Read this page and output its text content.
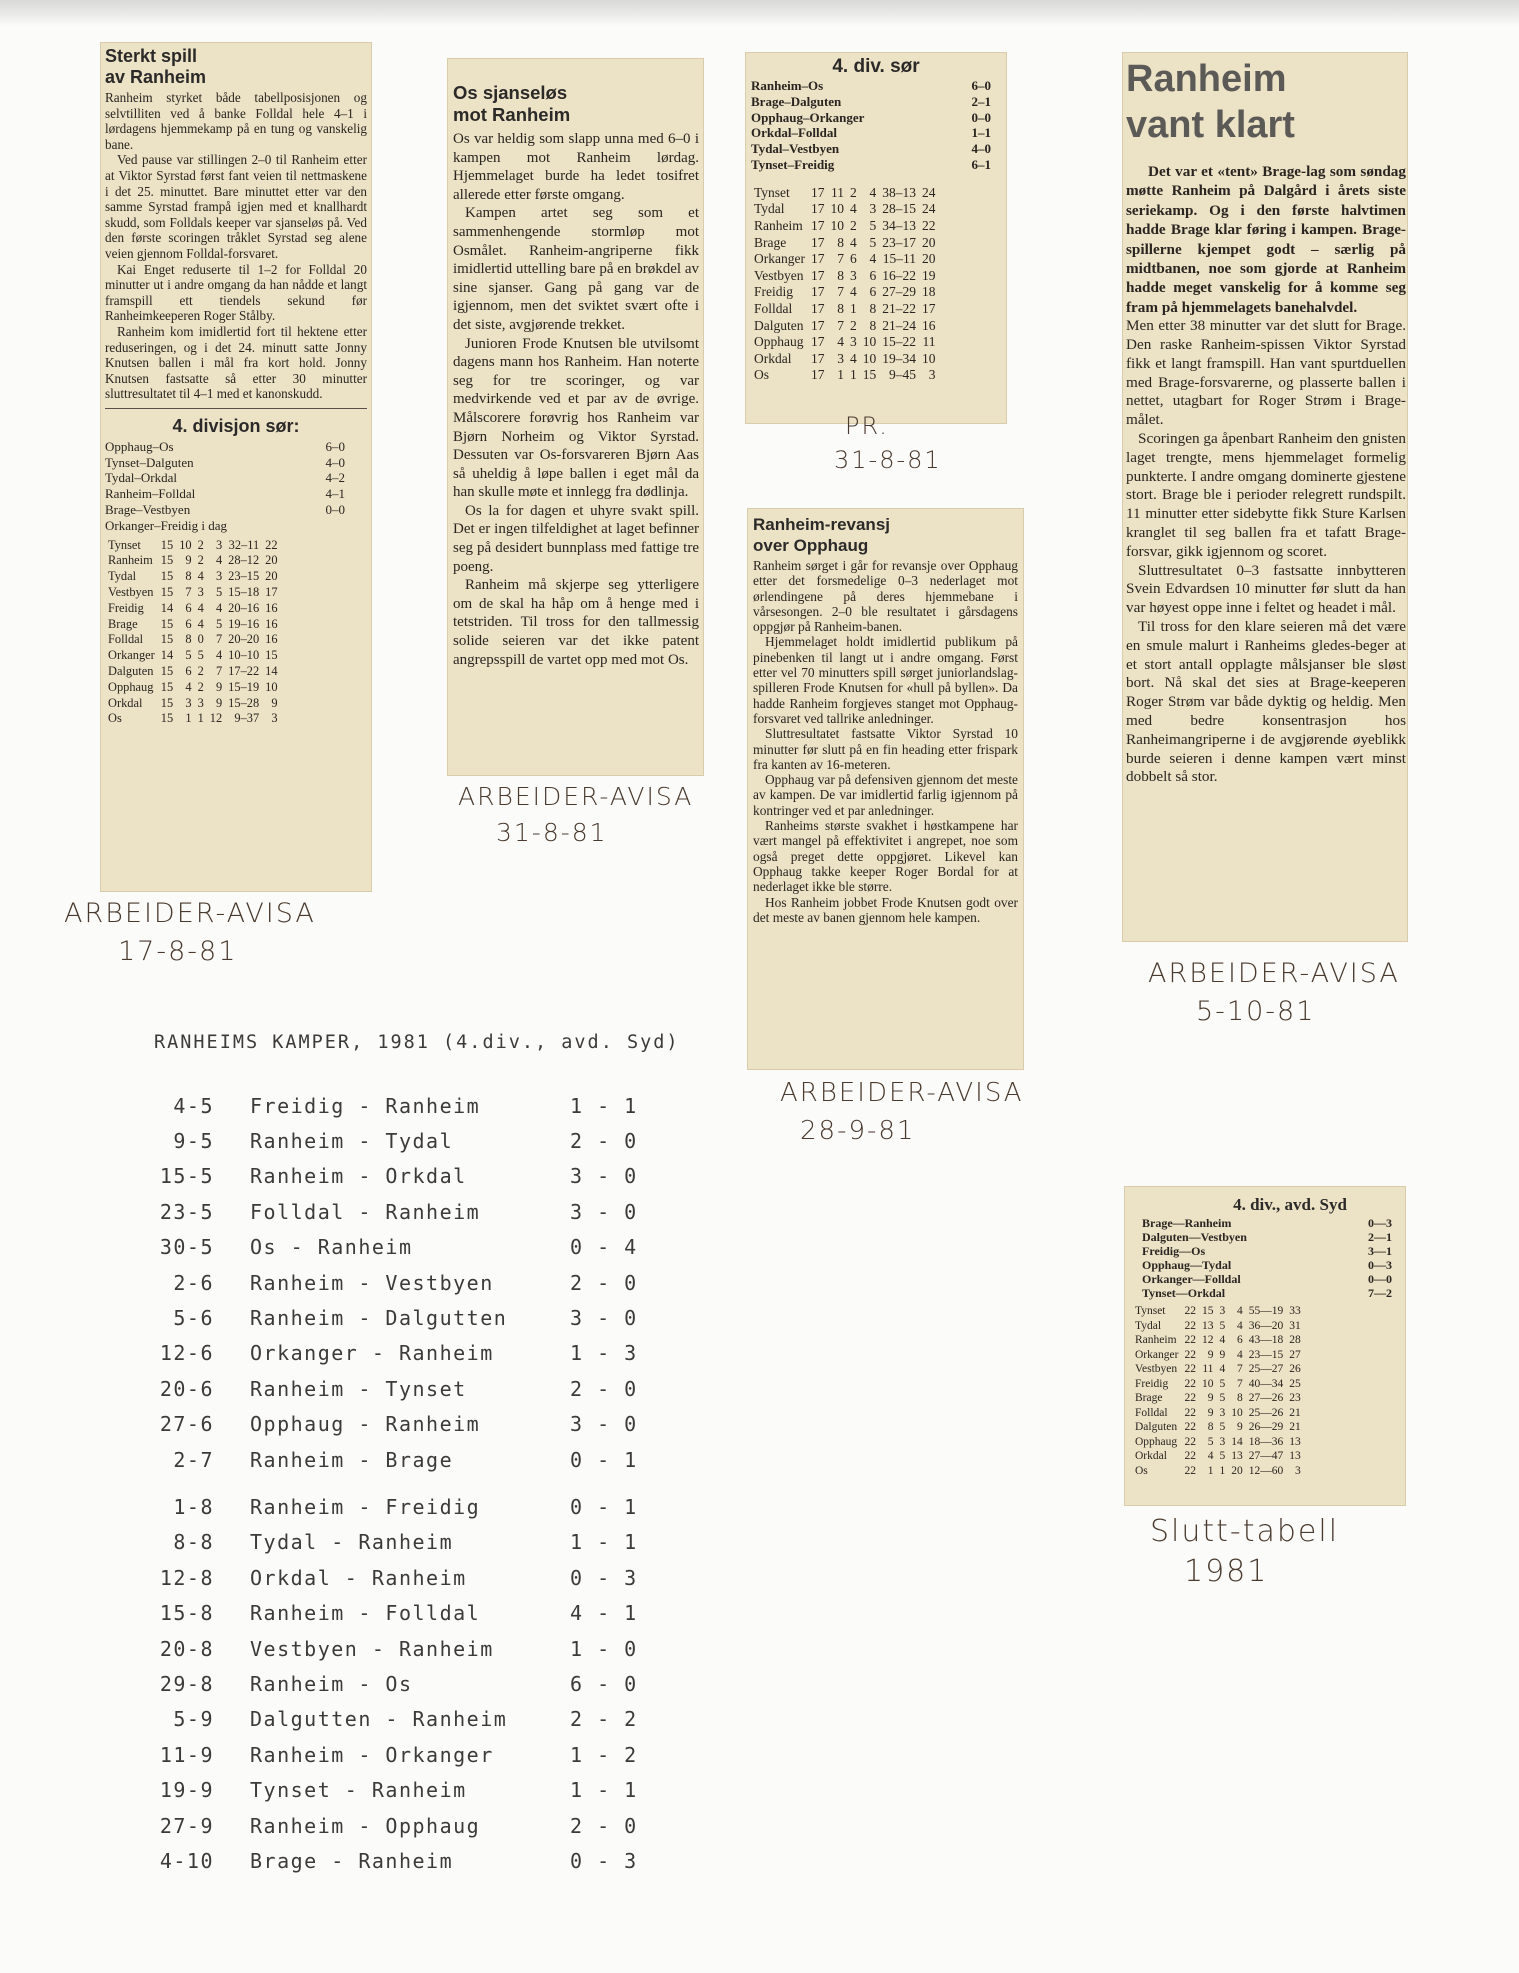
Sterkt spill
av Ranheim

Ranheim styrket både tabellposisjonen og selvtilliten ved å banke Folldal hele 4–1 i lørdagens hjemmekamp på en tung og vanskelig bane.

Ved pause var stillingen 2–0 til Ranheim etter at Viktor Syrstad først fant veien til nettmaskene i det 25. minuttet. Bare minuttet etter var den samme Syrstad frampå igjen med et knallhardt skudd, som Folldals keeper var sjanseløs på. Ved den første scoringen tråklet Syrstad seg alene veien gjennom Folldal-forsvaret.

Kai Enget reduserte til 1–2 for Folldal 20 minutter ut i andre omgang da han nådde et langt framspill ett tiendels sekund før Ranheimkeeperen Roger Stålby.

Ranheim kom imidlertid fort til hektene etter reduseringen, og i det 24. minutt satte Jonny Knutsen ballen i mål fra kort hold. Jonny Knutsen fastsatte så etter 30 minutter sluttresultatet til 4–1 med et kanonskudd.

4. divisjon sør:
Opphaug–Os	6–0
Tynset–Dalguten	4–0
Tydal–Orkdal	4–2
Ranheim–Folldal	4–1
Brage–Vestbyen	0–0
Orkanger–Freidig i dag	
Tynset	15	10	2	3	32–11	22
Ranheim	15	9	2	4	28–12	20
Tydal	15	8	4	3	23–15	20
Vestbyen	15	7	3	5	15–18	17
Freidig	14	6	4	4	20–16	16
Brage	15	6	4	5	19–16	16
Folldal	15	8	0	7	20–20	16
Orkanger	14	5	5	4	10–10	15
Dalguten	15	6	2	7	17–22	14
Opphaug	15	4	2	9	15–19	10
Orkdal	15	3	3	9	15–28	9
Os	15	1	1	12	9–37	3
ARBEIDER-AVISA
17-8-81
Os sjanseløs
mot Ranheim

Os var heldig som slapp unna med 6–0 i kampen mot Ranheim lørdag. Hjemmelaget burde ha ledet tosifret allerede etter første omgang.

Kampen artet seg som et sammenhengende stormløp mot Osmålet. Ranheim-angriperne fikk imidlertid uttelling bare på en brøkdel av sine sjanser. Gang på gang var de igjennom, men det sviktet svært ofte i det siste, avgjørende trekket.

Junioren Frode Knutsen ble utvilsomt dagens mann hos Ranheim. Han noterte seg for tre scoringer, og var medvirkende ved et par av de øvrige. Målscorere forøvrig hos Ranheim var Bjørn Norheim og Viktor Syrstad. Dessuten var Os-forsvareren Bjørn Aas så uheldig å løpe ballen i eget mål da han skulle møte et innlegg fra dødlinja.

Os la for dagen et uhyre svakt spill. Det er ingen tilfeldighet at laget befinner seg på desidert bunnplass med fattige tre poeng.

Ranheim må skjerpe seg ytterligere om de skal ha håp om å henge med i tetstriden. Til tross for den tallmessig solide seieren var det ikke patent angrepsspill de vartet opp med mot Os.

ARBEIDER-AVISA
31-8-81
4. div. sør
Ranheim–Os	6–0
Brage–Dalguten	2–1
Opphaug–Orkanger	0–0
Orkdal–Folldal	1–1
Tydal–Vestbyen	4–0
Tynset–Freidig	6–1
Tynset	17	11	2	4	38–13	24
Tydal	17	10	4	3	28–15	24
Ranheim	17	10	2	5	34–13	22
Brage	17	8	4	5	23–17	20
Orkanger	17	7	6	4	15–11	20
Vestbyen	17	8	3	6	16–22	19
Freidig	17	7	4	6	27–29	18
Folldal	17	8	1	8	21–22	17
Dalguten	17	7	2	8	21–24	16
Opphaug	17	4	3	10	15–22	11
Orkdal	17	3	4	10	19–34	10
Os	17	1	1	15	9–45	3
PR.
31-8-81
Ranheim-revansj
over Opphaug

Ranheim sørget i går for revansje over Opphaug etter det forsmedelige 0–3 nederlaget mot ørlendingene på deres hjemmebane i vårsesongen. 2–0 ble resultatet i gårsdagens oppgjør på Ranheim-banen.

Hjemmelaget holdt imidlertid publikum på pinebenken til langt ut i andre omgang. Først etter vel 70 minutters spill sørget juniorlandslag-spilleren Frode Knutsen for «hull på byllen». Da hadde Ranheim forgjeves stanget mot Opphaug-forsvaret ved tallrike anledninger.

Sluttresultatet fastsatte Viktor Syrstad 10 minutter før slutt på en fin heading etter frispark fra kanten av 16-meteren.

Opphaug var på defensiven gjennom det meste av kampen. De var imidlertid farlig igjennom på kontringer ved et par anledninger.

Ranheims største svakhet i høstkampene har vært mangel på effektivitet i angrepet, noe som også preget dette oppgjøret. Likevel kan Opphaug takke keeper Roger Bordal for at nederlaget ikke ble større.

Hos Ranheim jobbet Frode Knutsen godt over det meste av banen gjennom hele kampen.

ARBEIDER-AVISA
28-9-81
Ranheim
vant klart

Det var et «tent» Brage-lag som søndag møtte Ranheim på Dalgård i årets siste seriekamp. Og i den første halvtimen hadde Brage klar føring i kampen. Brage-spillerne kjempet godt – særlig på midtbanen, noe som gjorde at Ranheim hadde meget vanskelig for å komme seg fram på hjemmelagets banehalvdel.

Men etter 38 minutter var det slutt for Brage. Den raske Ranheim-spissen Viktor Syrstad fikk et langt framspill. Han vant spurtduellen med Brage-forsvarerne, og plasserte ballen i nettet, utagbart for Roger Strøm i Brage-målet.

Scoringen ga åpenbart Ranheim den gnisten laget trengte, mens hjemmelaget formelig punkterte. I andre omgang dominerte gjestene stort. Brage ble i perioder relegrett rundspilt. 11 minutter etter sidebytte fikk Sture Karlsen kranglet til seg ballen fra et tafatt Brage-forsvar, gikk igjennom og scoret.

Sluttresultatet 0–3 fastsatte innbytteren Svein Edvardsen 10 minutter før slutt da han var høyest oppe inne i feltet og headet i mål.

Til tross for den klare seieren må det være en smule malurt i Ranheims gledes-beger at et stort antall opplagte målsjanser ble sløst bort. Nå skal det sies at Brage-keeperen Roger Strøm var både dyktig og heldig. Men med bedre konsentrasjon hos Ranheimangriperne i de avgjørende øyeblikk burde seieren i denne kampen vært minst dobbelt så stor.

ARBEIDER-AVISA
5-10-81
4. div., avd. Syd
Brage—Ranheim	0—3
Dalguten—Vestbyen	2—1
Freidig—Os	3—1
Opphaug—Tydal	0—3
Orkanger—Folldal	0—0
Tynset—Orkdal	7—2
Tynset	22	15	3	4	55—19	33
Tydal	22	13	5	4	36—20	31
Ranheim	22	12	4	6	43—18	28
Orkanger	22	9	9	4	23—15	27
Vestbyen	22	11	4	7	25—27	26
Freidig	22	10	5	7	40—34	25
Brage	22	9	5	8	27—26	23
Folldal	22	9	3	10	25—26	21
Dalguten	22	8	5	9	26—29	21
Opphaug	22	5	3	14	18—36	13
Orkdal	22	4	5	13	27—47	13
Os	22	1	1	20	12—60	3
Slutt-tabell
1981
RANHEIMS KAMPER, 1981 (4.div., avd. Syd)
4-5	Freidig - Ranheim	1 - 1
9-5	Ranheim - Tydal	2 - 0
15-5	Ranheim - Orkdal	3 - 0
23-5	Folldal - Ranheim	3 - 0
30-5	Os - Ranheim	0 - 4
2-6	Ranheim - Vestbyen	2 - 0
5-6	Ranheim - Dalgutten	3 - 0
12-6	Orkanger - Ranheim	1 - 3
20-6	Ranheim - Tynset	2 - 0
27-6	Opphaug - Ranheim	3 - 0
2-7	Ranheim - Brage	0 - 1

1-8	Ranheim - Freidig	0 - 1
8-8	Tydal - Ranheim	1 - 1
12-8	Orkdal - Ranheim	0 - 3
15-8	Ranheim - Folldal	4 - 1
20-8	Vestbyen - Ranheim	1 - 0
29-8	Ranheim - Os	6 - 0
5-9	Dalgutten - Ranheim	2 - 2
11-9	Ranheim - Orkanger	1 - 2
19-9	Tynset - Ranheim	1 - 1
27-9	Ranheim - Opphaug	2 - 0
4-10	Brage - Ranheim	0 - 3
